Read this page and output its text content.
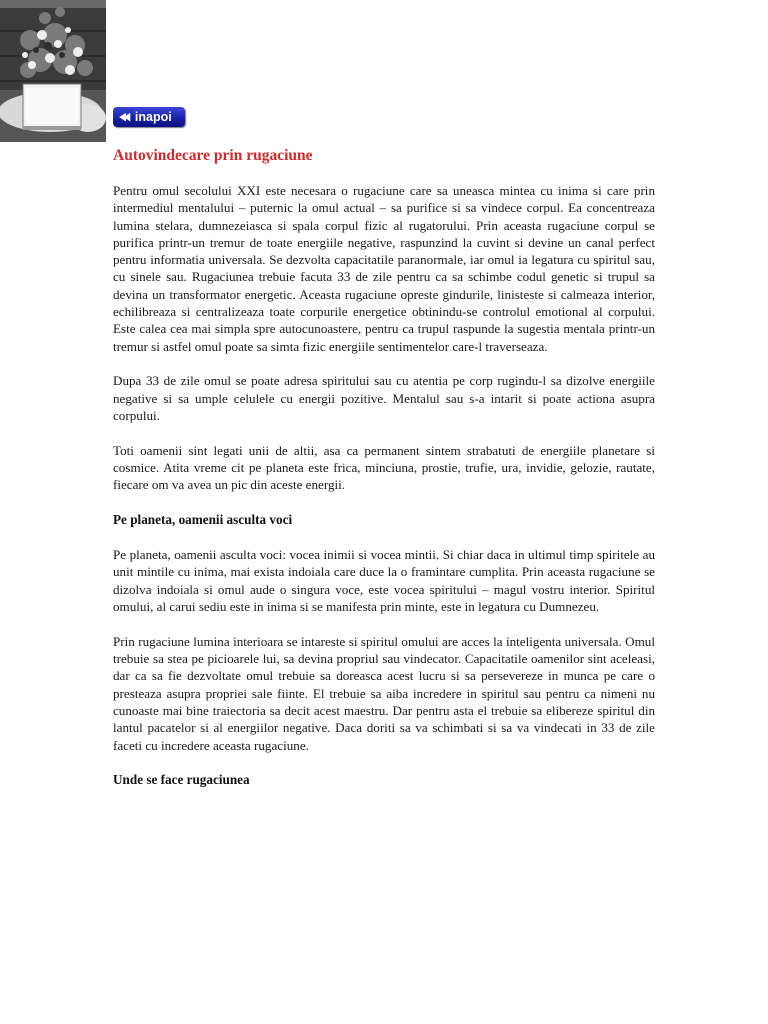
◀◀ inapoi
Autovindecare prin rugaciune

Pentru omul secolului XXI este necesara o rugaciune care sa uneasca mintea cu inima si care prin intermediul mentalului – puternic la omul actual – sa purifice si sa vindece corpul. Ea concentreaza lumina stelara, dumnezeiasca si spala corpul fizic al rugatorului. Prin aceasta rugaciune corpul se purifica printr-un tremur de toate energiile negative, raspunzind la cuvint si devine un canal perfect pentru informatia universala. Se dezvolta capacitatile paranormale, iar omul ia legatura cu spiritul sau, cu sinele sau. Rugaciunea trebuie facuta 33 de zile pentru ca sa schimbe codul genetic si trupul sa devina un transformator energetic. Aceasta rugaciune opreste gindurile, linisteste si calmeaza interior, echilibreaza si centralizeaza toate corpurile energetice obtinindu-se controlul emotional al corpului. Este calea cea mai simpla spre autocunoastere, pentru ca trupul raspunde la sugestia mentala printr-un tremur si astfel omul poate sa simta fizic energiile sentimentelor care-l traverseaza.

Dupa 33 de zile omul se poate adresa spiritului sau cu atentia pe corp rugindu-l sa dizolve energiile negative si sa umple celulele cu energii pozitive. Mentalul sau s-a intarit si poate actiona asupra corpului.

Toti oamenii sint legati unii de altii, asa ca permanent sintem strabatuti de energiile planetare si cosmice. Atita vreme cit pe planeta este frica, minciuna, prostie, trufie, ura, invidie, gelozie, rautate, fiecare om va avea un pic din aceste energii.

Pe planeta, oamenii asculta voci

Pe planeta, oamenii asculta voci: vocea inimii si vocea mintii. Si chiar daca in ultimul timp spiritele au unit mintile cu inima, mai exista indoiala care duce la o framintare cumplita. Prin aceasta rugaciune se dizolva indoiala si omul aude o singura voce, este vocea spiritului – magul vostru interior. Spiritul omului, al carui sediu este in inima si se manifesta prin minte, este in legatura cu Dumnezeu.

Prin rugaciune lumina interioara se intareste si spiritul omului are acces la inteligenta universala. Omul trebuie sa stea pe picioarele lui, sa devina propriul sau vindecator. Capacitatile oamenilor sint aceleasi, dar ca sa fie dezvoltate omul trebuie sa doreasca acest lucru si sa persevereze in munca pe care o presteaza asupra propriei sale fiinte. El trebuie sa aiba incredere in spiritul sau pentru ca nimeni nu cunoaste mai bine traiectoria sa decit acest maestru. Dar pentru asta el trebuie sa elibereze spiritul din lantul pacatelor si al energiilor negative. Daca doriti sa va schimbati si sa va vindecati in 33 de zile faceti cu incredere aceasta rugaciune.

Unde se face rugaciunea
